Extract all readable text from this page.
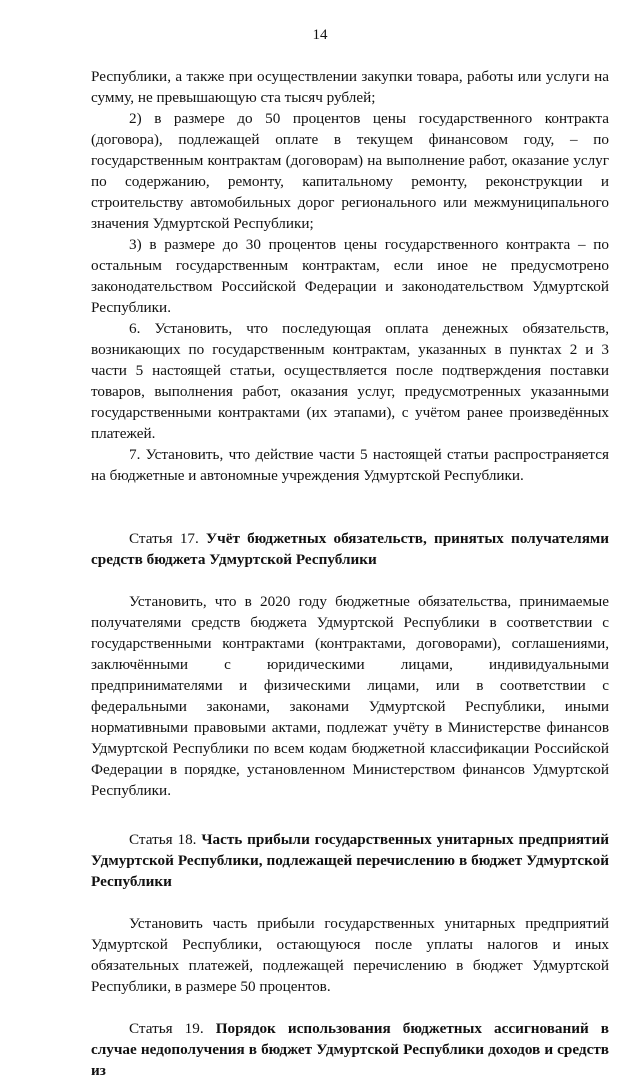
14

Республики, а также при осуществлении закупки товара, работы или услуги на сумму, не превышающую ста тысяч рублей;

2) в размере до 50 процентов цены государственного контракта (договора), подлежащей оплате в текущем финансовом году, – по государственным контрактам (договорам) на выполнение работ, оказание услуг по содержанию, ремонту, капитальному ремонту, реконструкции и строительству автомобильных дорог регионального или межмуниципального значения Удмуртской Республики;

3) в размере до 30 процентов цены государственного контракта – по остальным государственным контрактам, если иное не предусмотрено законодательством Российской Федерации и законодательством Удмуртской Республики.

6. Установить, что последующая оплата денежных обязательств, возникающих по государственным контрактам, указанных в пунктах 2 и 3 части 5 настоящей статьи, осуществляется после подтверждения поставки товаров, выполнения работ, оказания услуг, предусмотренных указанными государственными контрактами (их этапами), с учётом ранее произведённых платежей.

7. Установить, что действие части 5 настоящей статьи распространяется на бюджетные и автономные учреждения Удмуртской Республики.

Статья 17. Учёт бюджетных обязательств, принятых получателями средств бюджета Удмуртской Республики

Установить, что в 2020 году бюджетные обязательства, принимаемые получателями средств бюджета Удмуртской Республики в соответствии с государственными контрактами (контрактами, договорами), соглашениями, заключёнными с юридическими лицами, индивидуальными предпринимателями и физическими лицами, или в соответствии с федеральными законами, законами Удмуртской Республики, иными нормативными правовыми актами, подлежат учёту в Министерстве финансов Удмуртской Республики по всем кодам бюджетной классификации Российской Федерации в порядке, установленном Министерством финансов Удмуртской Республики.

Статья 18. Часть прибыли государственных унитарных предприятий Удмуртской Республики, подлежащей перечислению в бюджет Удмуртской Республики

Установить часть прибыли государственных унитарных предприятий Удмуртской Республики, остающуюся после уплаты налогов и иных обязательных платежей, подлежащей перечислению в бюджет Удмуртской Республики, в размере 50 процентов.

Статья 19. Порядок использования бюджетных ассигнований в случае недополучения в бюджет Удмуртской Республики доходов и средств из
